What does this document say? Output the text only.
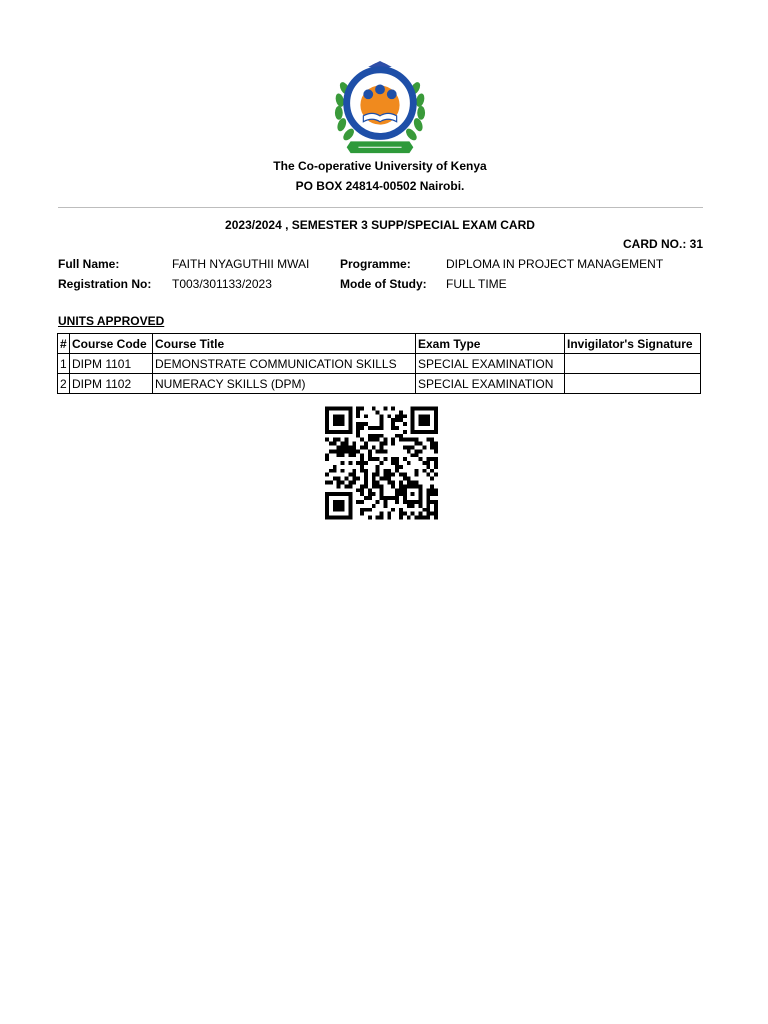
The Co-operative University of Kenya
PO BOX 24814-00502 Nairobi.
2023/2024 , SEMESTER 3 SUPP/SPECIAL EXAM CARD
CARD NO.: 31
Full Name:	FAITH NYAGUTHII MWAI	Programme:	DIPLOMA IN PROJECT MANAGEMENT
Registration No: T003/301133/2023	Mode of Study: FULL TIME
UNITS APPROVED
#	Course Code	Course Title	Exam Type	Invigilator's Signature
1	DIPM 1101	DEMONSTRATE COMMUNICATION SKILLS	SPECIAL EXAMINATION	
2	DIPM 1102	NUMERACY SKILLS (DPM)	SPECIAL EXAMINATION	
